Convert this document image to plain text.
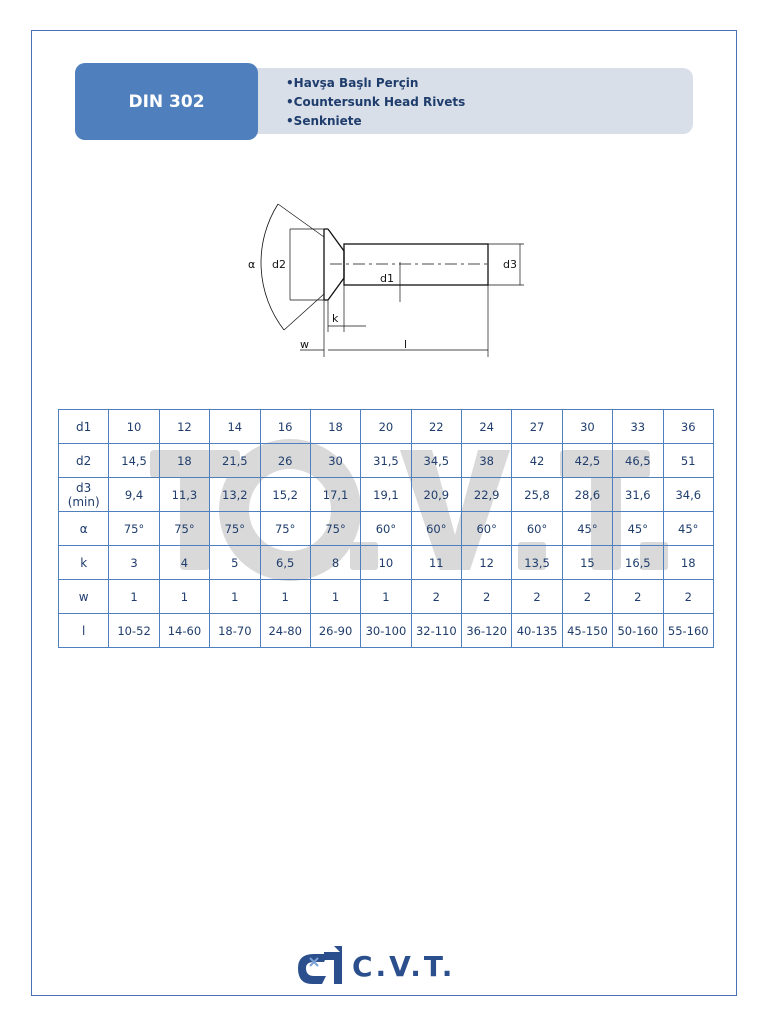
DIN 302
• Havşa Başlı Perçin
• Countersunk Head Rivets
• Senkniete
α d2
d1
d3
k
w	l
d1	10	12	14	16	18	20	22	24	27	30	33	36
d2	14,5	18	21,5	26	30	31,5	34,5	38	42	42,5	46,5	51
d3 (min)	9,4	11,3	13,2	15,2	17,1	19,1	20,9	22,9	25,8	28,6	31,6	34,6
α	75°	75°	75°	75°	75°	60°	60°	60°	60°	45°	45°	45°
k	3	4	5	6,5	8	10	11	12	13,5	15	16,5	18
w	1	1	1	1	1	1	2	2	2	2	2	2
l	10-52	14-60	18-70	24-80	26-90	30-100	32-110	36-120	40-135	45-150	50-160	55-160
C.V.T.
